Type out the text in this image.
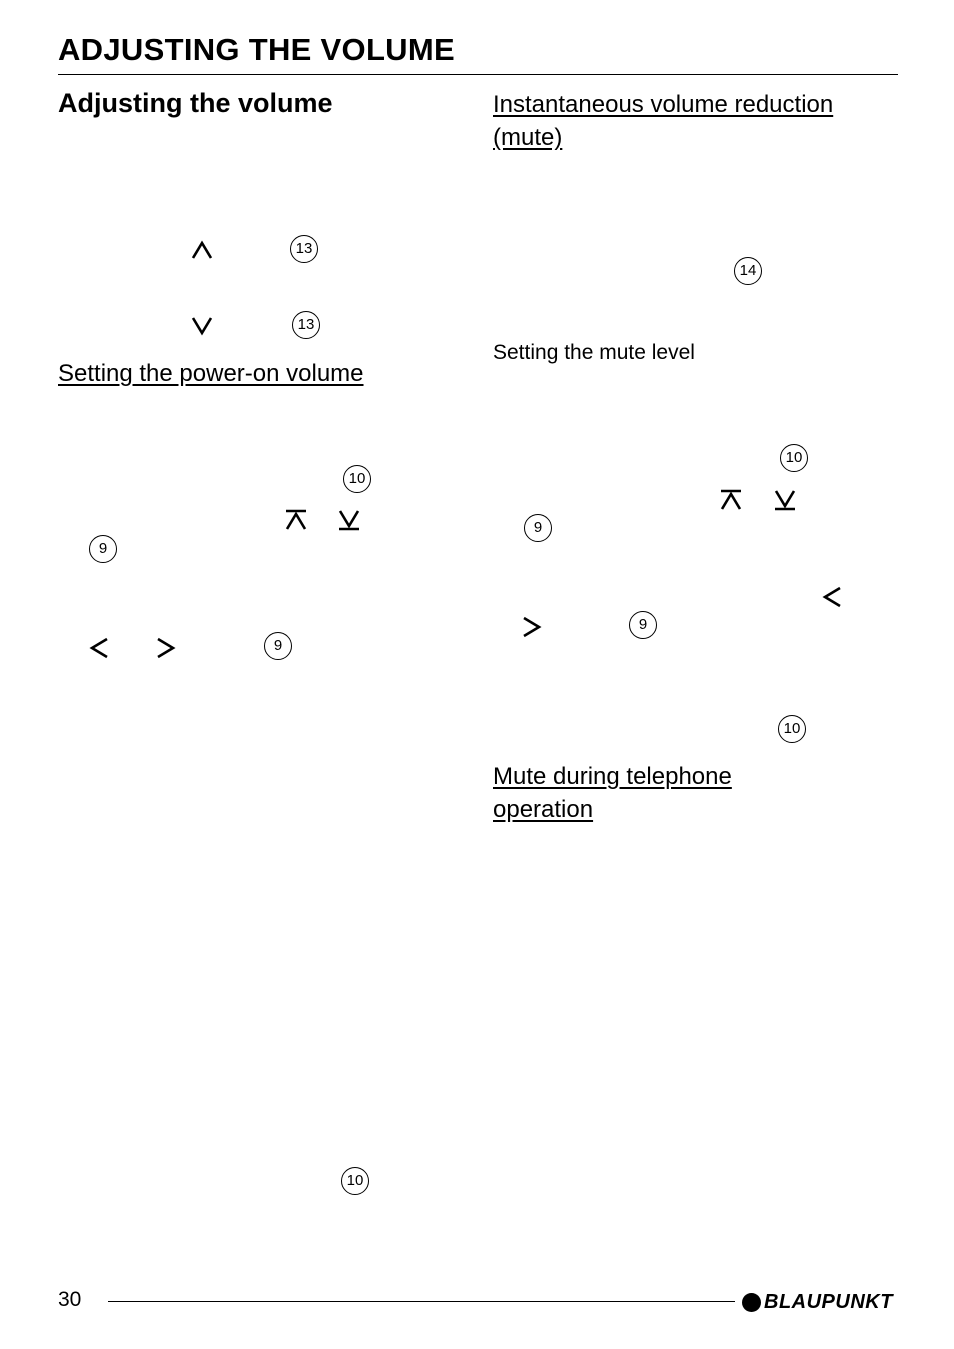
ADJUSTING THE VOLUME
Adjusting the volume
13
13
Setting the power-on volume
10
9
9
10
Instantaneous volume reduction (mute)
14
Setting the mute level
10
9
9
10
Mute during telephone operation
30	BLAUPUNKT
